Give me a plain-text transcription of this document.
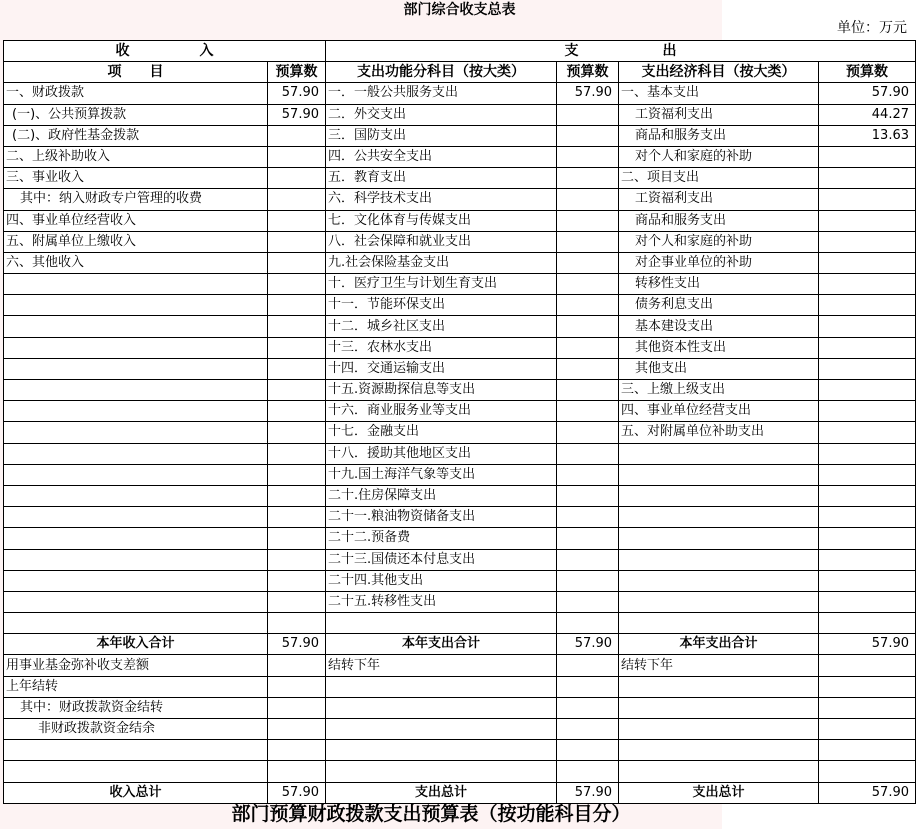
部门综合收支总表
单位：万元
收　　　　　入		支　　　　　　出			
项　　目	预算数	支出功能分科目（按大类）	预算数	支出经济科目（按大类）	预算数
一、财政拨款	57.90	一．一般公共服务支出	57.90	一、基本支出	57.90
(一)、公共预算拨款	57.90	二．外交支出		工资福利支出	44.27
(二)、政府性基金拨款		三．国防支出		商品和服务支出	13.63
二、上级补助收入		四．公共安全支出		对个人和家庭的补助	
三、事业收入		五．教育支出		二、项目支出	
其中：纳入财政专户管理的收费		六．科学技术支出		工资福利支出	
四、事业单位经营收入		七．文化体育与传媒支出		商品和服务支出	
五、附属单位上缴收入		八．社会保障和就业支出		对个人和家庭的补助	
六、其他收入		九.社会保险基金支出		对企事业单位的补助	
		十．医疗卫生与计划生育支出		转移性支出	
		十一．节能环保支出		债务利息支出	
		十二．城乡社区支出		基本建设支出	
		十三．农林水支出		其他资本性支出	
		十四．交通运输支出		其他支出	
		十五.资源勘探信息等支出		三、上缴上级支出	
		十六．商业服务业等支出		四、事业单位经营支出	
		十七．金融支出		五、对附属单位补助支出	
		十八．援助其他地区支出			
		十九.国土海洋气象等支出			
		二十.住房保障支出			
		二十一.粮油物资储备支出			
		二十二.预备费			
		二十三.国债还本付息支出			
		二十四.其他支出			
		二十五.转移性支出			

本年收入合计	57.90	本年支出合计	57.90	本年支出合计	57.90
用事业基金弥补收支差额		结转下年		结转下年	
上年结转					
其中：财政拨款资金结转					
非财政拨款资金结余					

收入总计	57.90	支出总计	57.90	支出总计	57.90
部门预算财政拨款支出预算表（按功能科目分）
